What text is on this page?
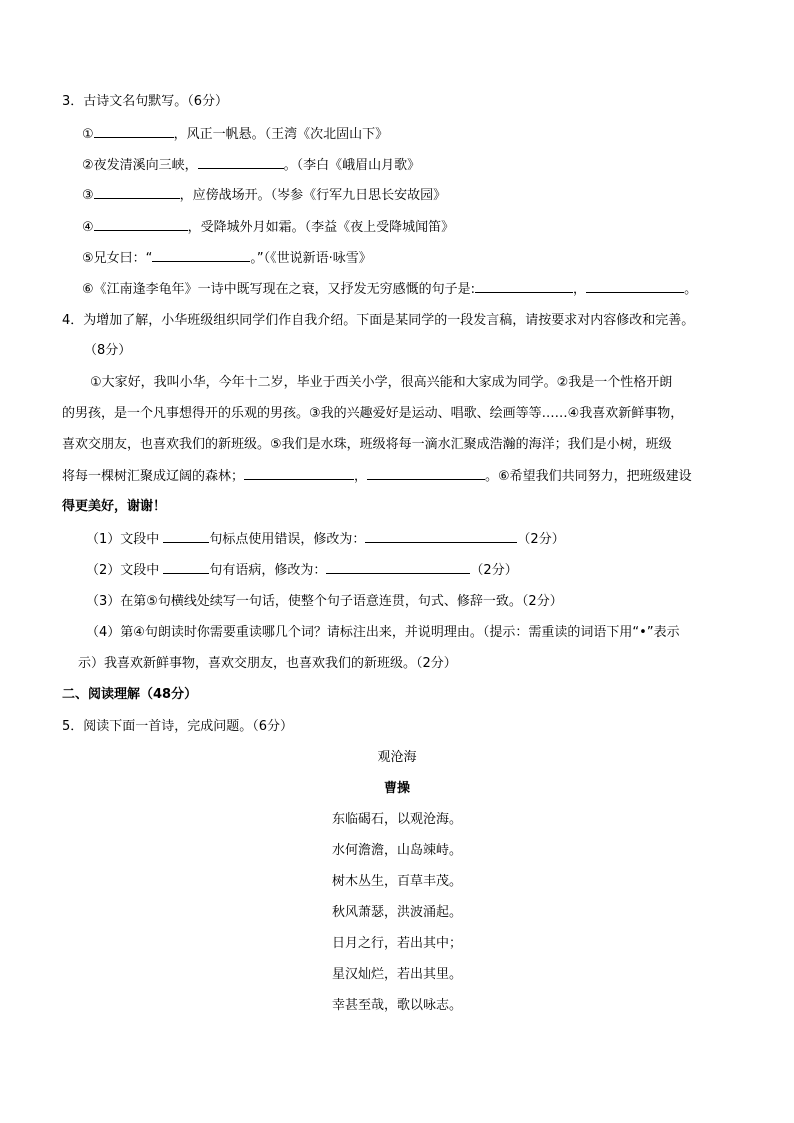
3．古诗文名句默写。（6分）
①	，风正一帆悬。（王湾《次北固山下》
②夜发清溪向三峡，	。（李白《峨眉山月歌》
③	，应傍战场开。（岑参《行军九日思长安故园》
④	，受降城外月如霜。（李益《夜上受降城闻笛》
⑤兄女曰：“	。”（《世说新语·咏雪》
⑥《江南逢李龟年》一诗中既写现在之衰，又抒发无穷感慨的句子是:	，	。
4．为增加了解，小华班级组织同学们作自我介绍。下面是某同学的一段发言稿，请按要求对内容修改和完善。
（8分）
①大家好，我叫小华，今年十二岁，毕业于西关小学，很高兴能和大家成为同学。②我是一个性格开朗
的男孩，是一个凡事想得开的乐观的男孩。③我的兴趣爱好是运动、唱歌、绘画等等……④我喜欢新鲜事物，
喜欢交朋友，也喜欢我们的新班级。⑤我们是水珠，班级将每一滴水汇聚成浩瀚的海洋；我们是小树，班级
将每一棵树汇聚成辽阔的森林；	，	。⑥希望我们共同努力，把班级建设
得更美好，谢谢！
（1）文段中	句标点使用错误，修改为：	（2分）
（2）文段中	句有语病，修改为：	（2分）
（3）在第⑤句横线处续写一句话，使整个句子语意连贯，句式、修辞一致。（2分）
（4）第④句朗读时你需要重读哪几个词？请标注出来，并说明理由。（提示：需重读的词语下用“•”表示
示）我喜欢新鲜事物，喜欢交朋友，也喜欢我们的新班级。（2分）
二、阅读理解（48分）
5．阅读下面一首诗，完成问题。（6分）
观沧海
曹操
东临碣石，以观沧海。
水何澹澹，山岛竦峙。
树木丛生，百草丰茂。
秋风萧瑟，洪波涌起。
日月之行，若出其中；
星汉灿烂，若出其里。
幸甚至哉，歌以咏志。
